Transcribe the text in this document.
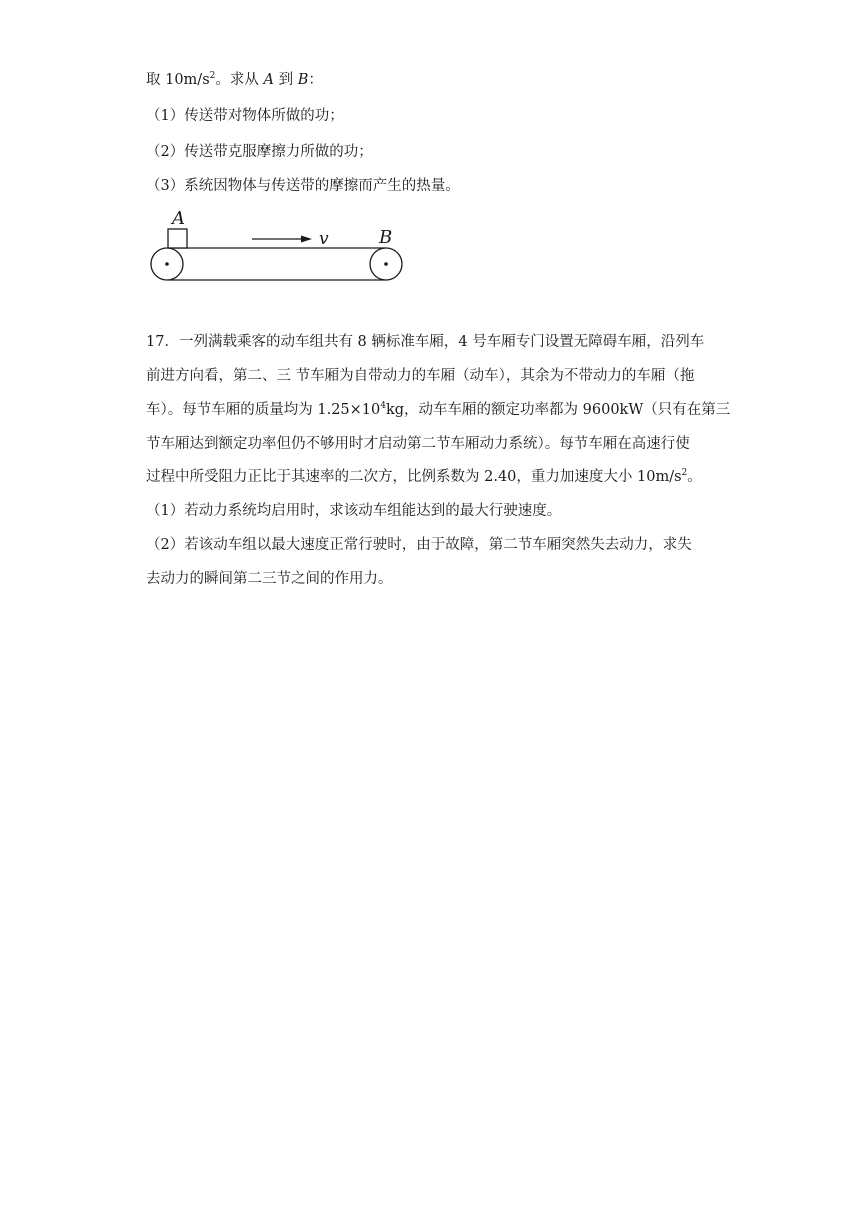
取 $10m/s^2$。求从 A 到 B：
（1）传送带对物体所做的功；
（2）传送带克服摩擦力所做的功；
（3）系统因物体与传送带的摩擦而产生的热量。
A
v	B
17．一列满载乘客的动车组共有 8 辆标准车厢，4 号车厢专门设置无障碍车厢，沿列车
前进方向看，第二、三 节车厢为自带动力的车厢（动车），其余为不带动力的车厢（拖
车）。每节车厢的质量均为 $1.25\times 10^4kg$，动车车厢的额定功率都为 9600kW（只有在第三
节车厢达到额定功率但仍不够用时才启动第二节车厢动力系统）。每节车厢在高速行使
过程中所受阻力正比于其速率的二次方，比例系数为 2.40，重力加速度大小 $10m/s^2$。
（1）若动力系统均启用时，求该动车组能达到的最大行驶速度。
（2）若该动车组以最大速度正常行驶时，由于故障，第二节车厢突然失去动力，求失
去动力的瞬间第二三节之间的作用力。
